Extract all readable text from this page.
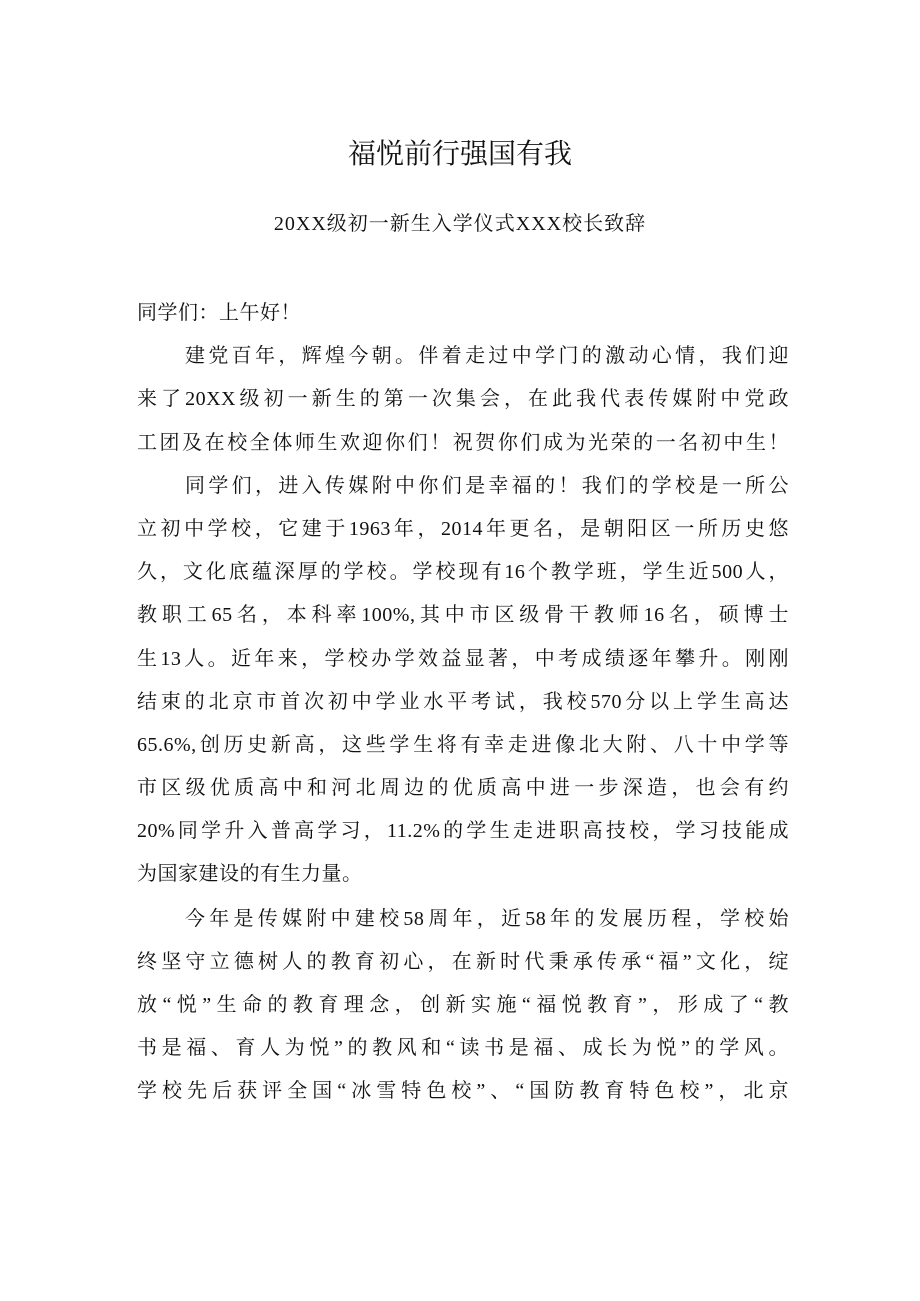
福悦前行强国有我
20XX级初一新生入学仪式XXX校长致辞
同学们：上午好！
建党百年，辉煌今朝。伴着走过中学门的激动心情，我们迎
来了20XX级初一新生的第一次集会，在此我代表传媒附中党政
工团及在校全体师生欢迎你们！祝贺你们成为光荣的一名初中生！
同学们，进入传媒附中你们是幸福的！我们的学校是一所公
立初中学校，它建于1963年，2014年更名，是朝阳区一所历史悠
久，文化底蕴深厚的学校。学校现有16个教学班，学生近500人，
教职工65名，本科率100%,其中市区级骨干教师16名，硕博士
生13人。近年来，学校办学效益显著，中考成绩逐年攀升。刚刚
结束的北京市首次初中学业水平考试，我校570分以上学生高达
65.6%,创历史新高，这些学生将有幸走进像北大附、八十中学等
市区级优质高中和河北周边的优质高中进一步深造，也会有约
20%同学升入普高学习，11.2%的学生走进职高技校，学习技能成
为国家建设的有生力量。
今年是传媒附中建校58周年，近58年的发展历程，学校始
终坚守立德树人的教育初心，在新时代秉承传承“福”文化，绽
放“悦”生命的教育理念，创新实施“福悦教育”，形成了“教
书是福、育人为悦”的教风和“读书是福、成长为悦”的学风。
学校先后获评全国“冰雪特色校”、“国防教育特色校”，北京
